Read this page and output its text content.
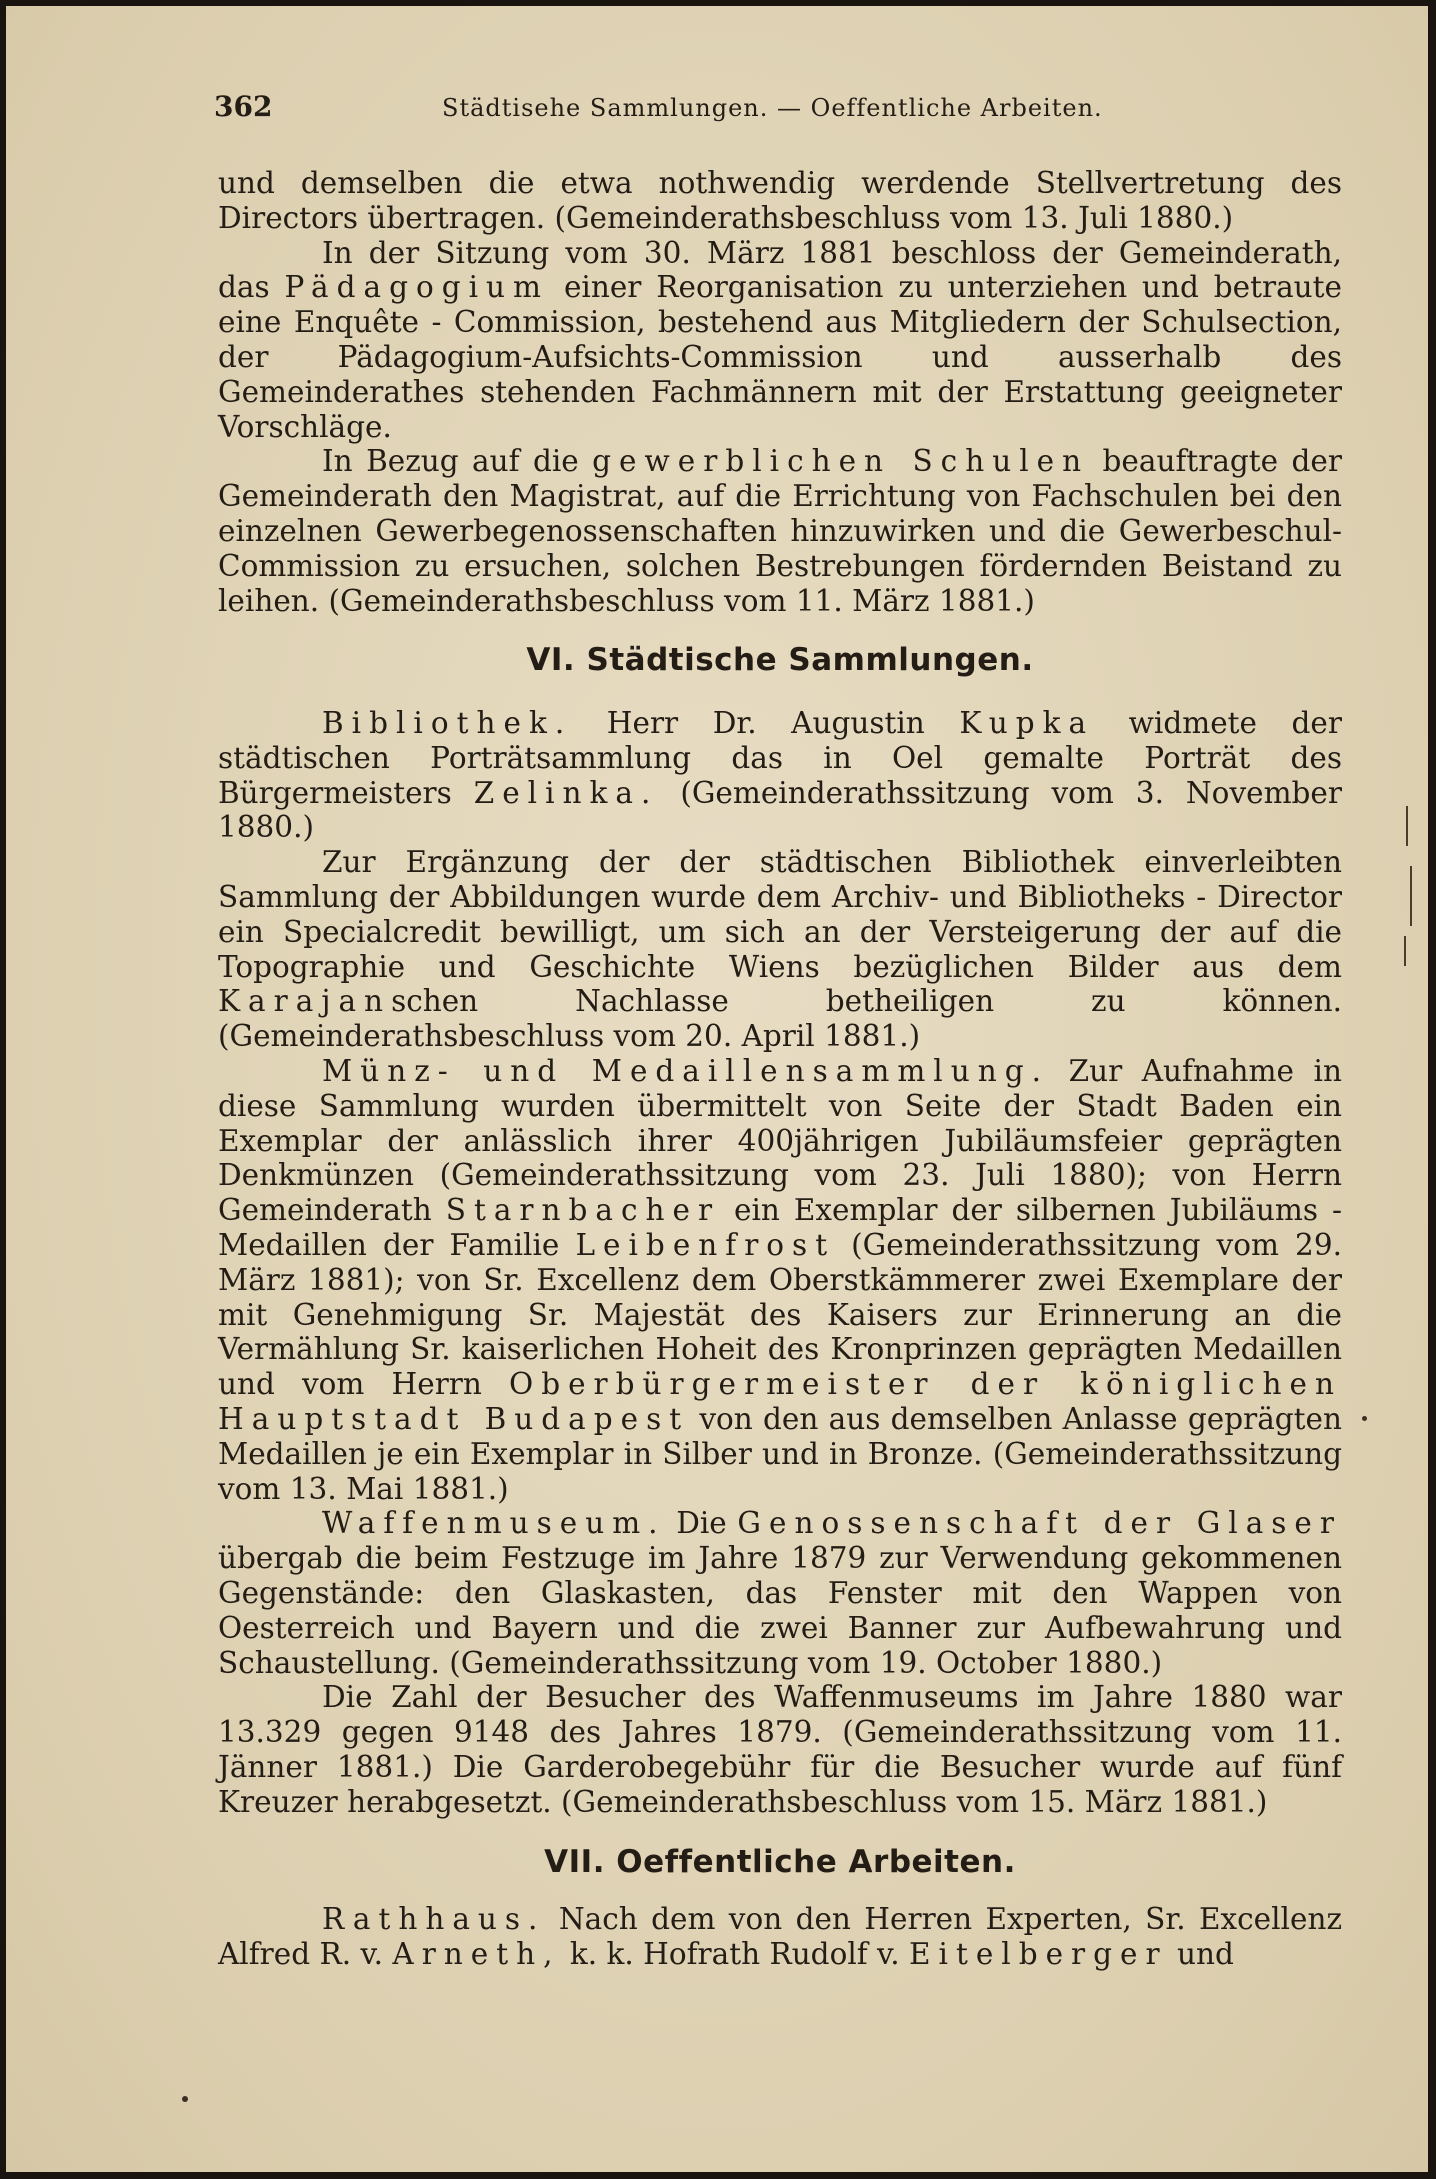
362	Städtisehe Sammlungen. — Oeffentliche Arbeiten.

und demselben die etwa nothwendig werdende Stellvertretung des Directors übertragen. (Gemeinderathsbeschluss vom 13. Juli 1880.)

In der Sitzung vom 30. März 1881 beschloss der Gemeinderath, das Pädagogium einer Reorganisation zu unterziehen und betraute eine Enquête - Commission, bestehend aus Mitgliedern der Schulsection, der Pädagogium-Aufsichts-Commission und ausserhalb des Gemeinderathes stehenden Fachmännern mit der Erstattung geeigneter Vorschläge.

In Bezug auf die gewerblichen Schulen beauftragte der Gemeinderath den Magistrat, auf die Errichtung von Fachschulen bei den einzelnen Gewerbegenossenschaften hinzuwirken und die Gewerbeschul-Commission zu ersuchen, solchen Bestrebungen fördernden Beistand zu leihen. (Gemeinderathsbeschluss vom 11. März 1881.)

VI. Städtische Sammlungen.

Bibliothek. Herr Dr. Augustin Kupka widmete der städtischen Porträtsammlung das in Oel gemalte Porträt des Bürgermeisters Zelinka. (Gemeinderathssitzung vom 3. November 1880.)

Zur Ergänzung der der städtischen Bibliothek einverleibten Sammlung der Abbildungen wurde dem Archiv- und Bibliotheks - Director ein Specialcredit bewilligt, um sich an der Versteigerung der auf die Topographie und Geschichte Wiens bezüglichen Bilder aus dem Karajanschen Nachlasse betheiligen zu können. (Gemeinderathsbeschluss vom 20. April 1881.)

Münz- und Medaillensammlung. Zur Aufnahme in diese Sammlung wurden übermittelt von Seite der Stadt Baden ein Exemplar der anlässlich ihrer 400jährigen Jubiläumsfeier geprägten Denkmünzen (Gemeinderathssitzung vom 23. Juli 1880); von Herrn Gemeinderath Starnbacher ein Exemplar der silbernen Jubiläums - Medaillen der Familie Leibenfrost (Gemeinderathssitzung vom 29. März 1881); von Sr. Excellenz dem Oberstkämmerer zwei Exemplare der mit Genehmigung Sr. Majestät des Kaisers zur Erinnerung an die Vermählung Sr. kaiserlichen Hoheit des Kronprinzen geprägten Medaillen und vom Herrn Oberbürgermeister der königlichen Hauptstadt Budapest von den aus demselben Anlasse geprägten Medaillen je ein Exemplar in Silber und in Bronze. (Gemeinderathssitzung vom 13. Mai 1881.)

Waffenmuseum. Die Genossenschaft der Glaser übergab die beim Festzuge im Jahre 1879 zur Verwendung gekommenen Gegenstände: den Glaskasten, das Fenster mit den Wappen von Oesterreich und Bayern und die zwei Banner zur Aufbewahrung und Schaustellung. (Gemeinderathssitzung vom 19. October 1880.)

Die Zahl der Besucher des Waffenmuseums im Jahre 1880 war 13.329 gegen 9148 des Jahres 1879. (Gemeinderathssitzung vom 11. Jänner 1881.) Die Garderobegebühr für die Besucher wurde auf fünf Kreuzer herabgesetzt. (Gemeinderathsbeschluss vom 15. März 1881.)

VII. Oeffentliche Arbeiten.

Rathhaus. Nach dem von den Herren Experten, Sr. Excellenz Alfred R. v. Arneth, k. k. Hofrath Rudolf v. Eitelberger und
